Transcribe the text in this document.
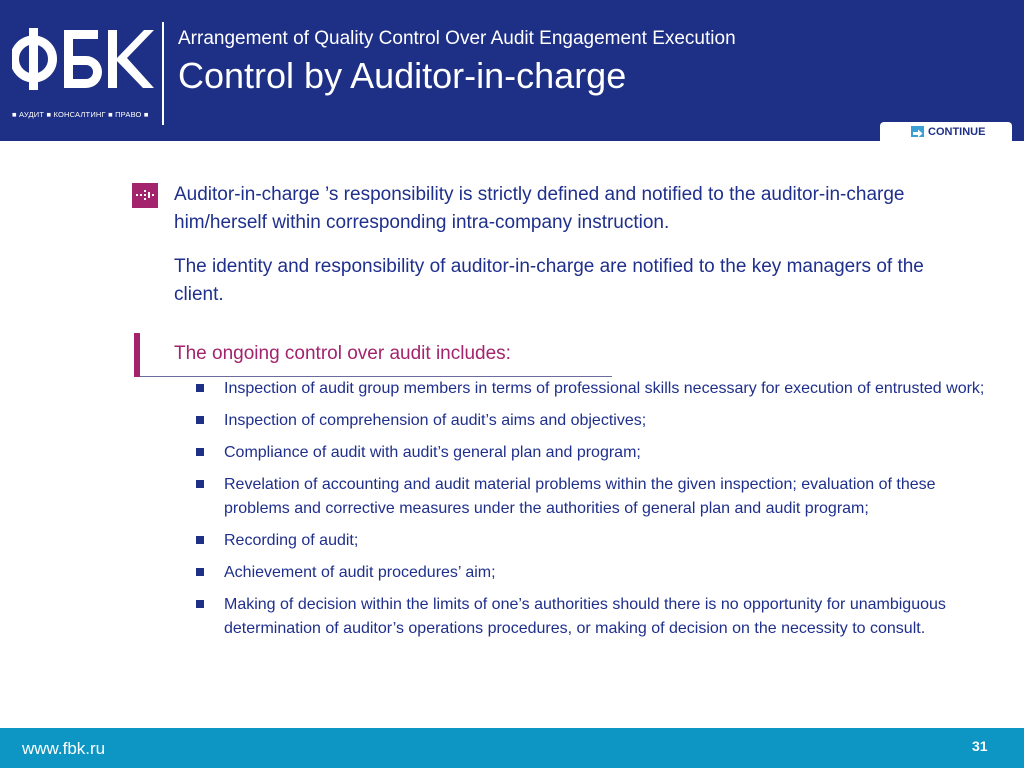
■ АУДИТ ■ КОНСАЛТИНГ ■ ПРАВО ■
Arrangement of Quality Control Over Audit Engagement Execution
Control by Auditor-in-charge
CONTINUE

Auditor-in-charge ’s responsibility is strictly defined and notified to the auditor-in-charge him/herself within corresponding intra-company instruction.

The identity and responsibility of auditor-in-charge are notified to the key managers of the client.

The ongoing control over audit includes:
Inspection of audit group members in terms of professional skills necessary for execution of entrusted work;
Inspection of comprehension of audit’s aims and objectives;
Compliance of audit with audit’s general plan and program;
Revelation of accounting and audit material problems within the given inspection; evaluation of these problems and corrective measures under the authorities of general plan and audit program;
Recording of audit;
Achievement of audit procedures’ aim;
Making of decision within the limits of one’s authorities should there is no opportunity for unambiguous determination of auditor’s operations procedures, or making of decision on the necessity to consult.
www.fbk.ru	31
